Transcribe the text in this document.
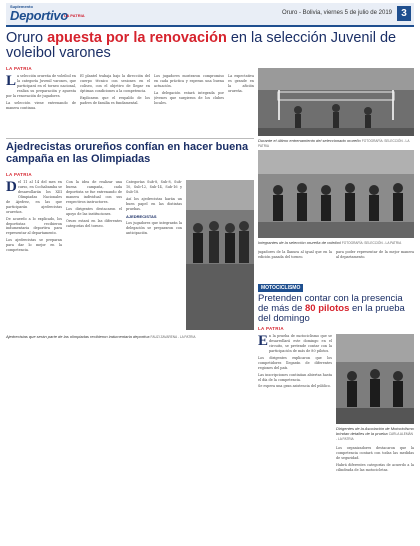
Suplemento
Deportivo
LA PATRIA	Oruro - Bolivia, viernes 5 de julio de 2019 3
Oruro apuesta por la renovación en la selección Juvenil de voleibol varones
LA PATRIA

La selección orureña de voleibol en la categoría Juvenil varones, que participará en el torneo nacional, realiza su preparación y apuesta por la renovación de jugadores.

La selección viene entrenando de manera continua.

El plantel trabaja bajo la dirección del cuerpo técnico con sesiones en el coliseo, con el objetivo de llegar en óptimas condiciones a la competencia.

Explicaron que el respaldo de los padres de familia es fundamental.

Los jugadores mostraron compromiso en cada práctica y esperan una buena actuación.

La delegación estará integrada por jóvenes que surgieron de los clubes locales.

La expectativa es grande en la afición orureña.

Durante el último entrenamiento del seleccionado orureño FOTOGRAFÍA: SELECCIÓN - LA PATRIA
Ajedrecistas orureños confían en hacer buena campaña en las Olimpiadas
LA PATRIA

Del 11 al 14 del mes en curso, en Cochabamba se desarrollarán los XIII Olimpiadas Nacionales de Ajedrez, en las que participarán ajedrecistas orureños.

De acuerdo a lo explicado, los deportistas recibieron indumentaria deportiva para representar al departamento.

Los ajedrecistas se preparan para dar lo mejor en la competencia.

Con la idea de realizar una buena campaña, cada deportista se fue entrenando de manera individual con sus respectivos instructores.

Los dirigentes destacaron el apoyo de las instituciones.

Oruro estará en las diferentes categorías del torneo.

Categorías Sub-8, Sub-8, Sub-10, Sub-12, Sub-14, Sub-16 y Sub-18.

Así los ajedrecistas harán un buen papel en las distintas pruebas.

AJEDRECISTAS

Los jugadores que integrarán la delegación se prepararon con anticipación.

Ajedrecistas que serán parte de las olimpiadas recibieron indumentaria deportiva FAUZI ZAVARENA - LA PATRIA
Integrantes de la selección orureña de voleibol FOTOGRAFÍA: SELECCIÓN - LA PATRIA

jugadores de la llanura al igual que en la edición pasada del torneo.

para poder representar de la mejor manera al departamento.

MOTOCICLISMO
Pretenden contar con la presencia de más de 80 pilotos en la prueba del domingo
LA PATRIA

En la prueba de motociclismo que se desarrollará este domingo en el circuito, se pretende contar con la participación de más de 80 pilotos.

Los dirigentes explicaron que los competidores llegarán de diferentes regiones del país.

Las inscripciones continúan abiertas hasta el día de la competencia.

Se espera una gran asistencia del público.

Dirigentes de la Asociación de Motociclismo brindan detalles de la prueba CARLA ALEMÁN - LA PATRIA

Los organizadores destacaron que la competencia contará con todas las medidas de seguridad.

Habrá diferentes categorías de acuerdo a la cilindrada de las motocicletas.
